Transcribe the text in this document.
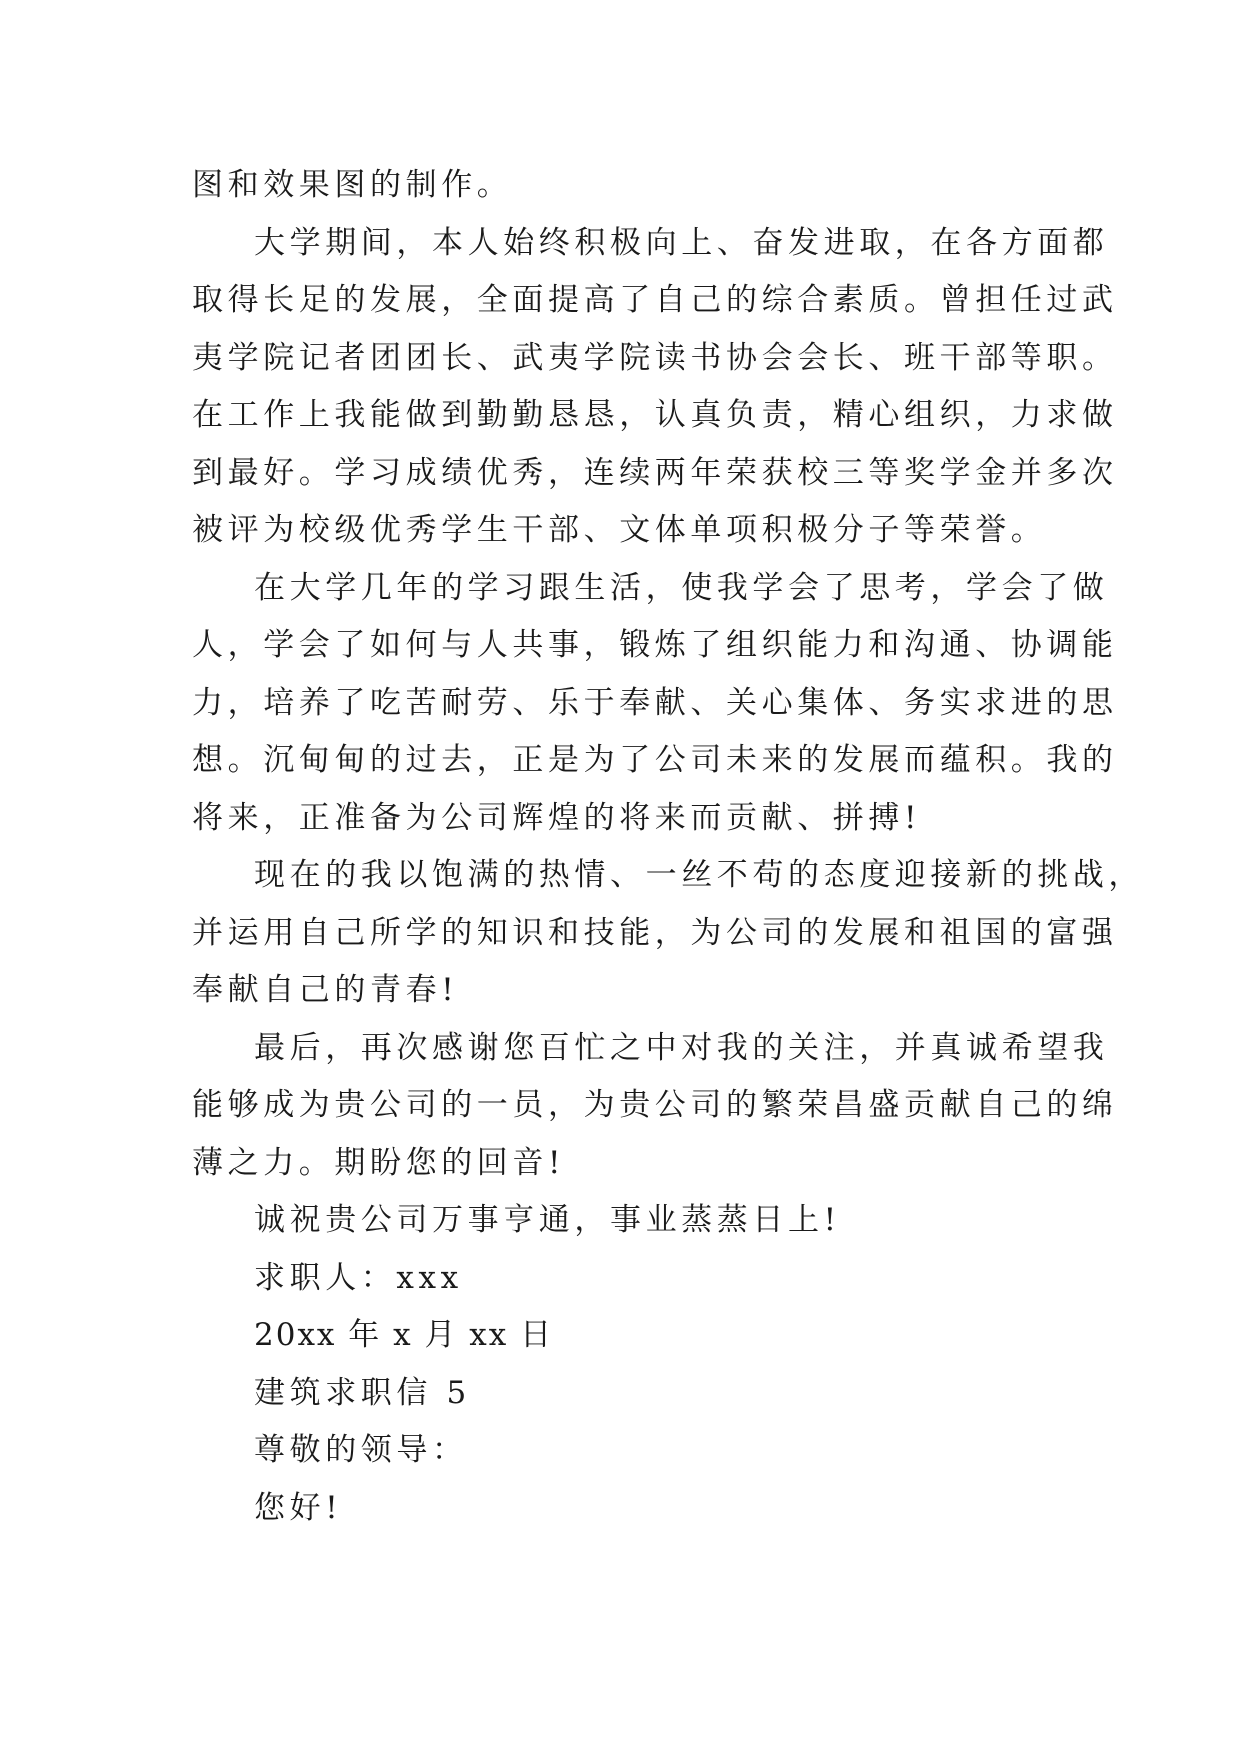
图和效果图的制作。
大学期间，本人始终积极向上、奋发进取，在各方面都
取得长足的发展，全面提高了自己的综合素质。曾担任过武
夷学院记者团团长、武夷学院读书协会会长、班干部等职。
在工作上我能做到勤勤恳恳，认真负责，精心组织，力求做
到最好。学习成绩优秀，连续两年荣获校三等奖学金并多次
被评为校级优秀学生干部、文体单项积极分子等荣誉。
在大学几年的学习跟生活，使我学会了思考，学会了做
人，学会了如何与人共事，锻炼了组织能力和沟通、协调能
力，培养了吃苦耐劳、乐于奉献、关心集体、务实求进的思
想。沉甸甸的过去，正是为了公司未来的发展而蕴积。我的
将来，正准备为公司辉煌的将来而贡献、拼搏!
现在的我以饱满的热情、一丝不苟的态度迎接新的挑战，
并运用自己所学的知识和技能，为公司的发展和祖国的富强
奉献自己的青春!
最后，再次感谢您百忙之中对我的关注，并真诚希望我
能够成为贵公司的一员，为贵公司的繁荣昌盛贡献自己的绵
薄之力。期盼您的回音!
诚祝贵公司万事亨通，事业蒸蒸日上!
求职人：xxx
20xx 年 x 月 xx 日
建筑求职信 5
尊敬的领导：
您好!
